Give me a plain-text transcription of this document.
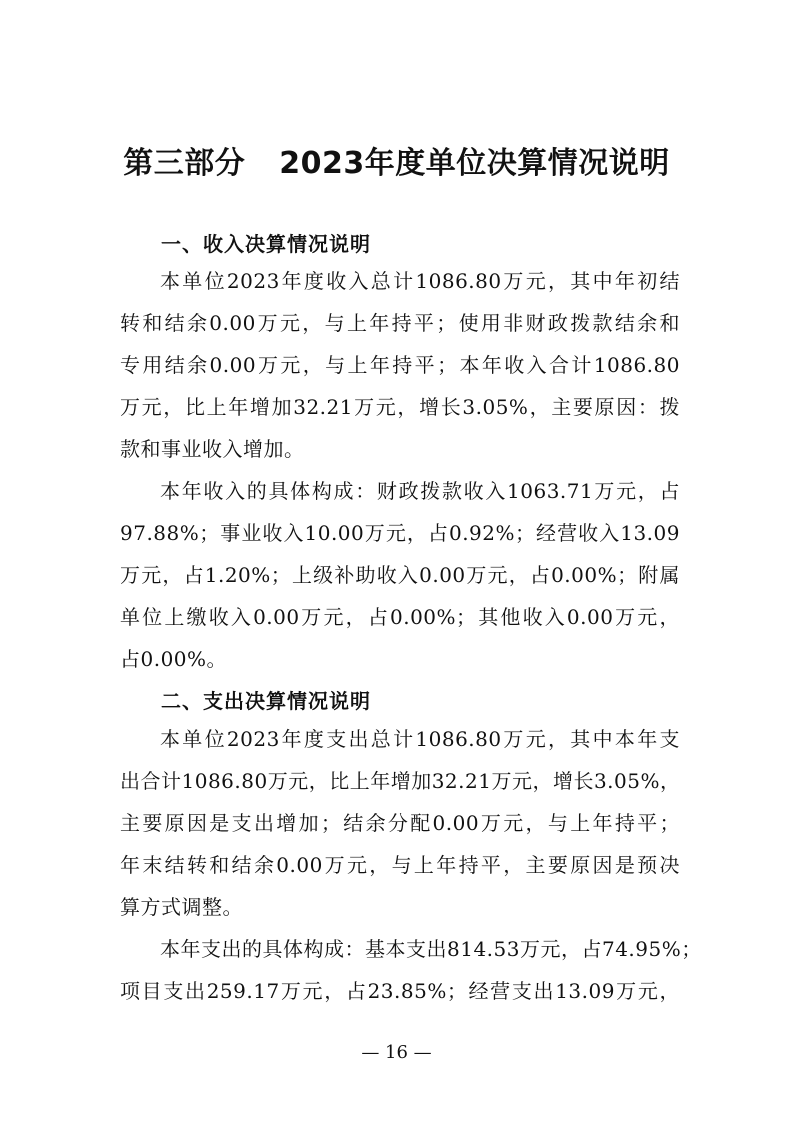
第三部分 2023年度单位决算情况说明
一、收入决算情况说明
本单位2023年度收入总计1086.80万元，其中年初结
转和结余0.00万元，与上年持平；使用非财政拨款结余和
专用结余0.00万元，与上年持平；本年收入合计1086.80
万元，比上年增加32.21万元，增长3.05%，主要原因：拨
款和事业收入增加。
本年收入的具体构成：财政拨款收入1063.71万元，占
97.88%；事业收入10.00万元，占0.92%；经营收入13.09
万元，占1.20%；上级补助收入0.00万元，占0.00%；附属
单位上缴收入0.00万元，占0.00%；其他收入0.00万元，
占0.00%。
二、支出决算情况说明
本单位2023年度支出总计1086.80万元，其中本年支
出合计1086.80万元，比上年增加32.21万元，增长3.05%，
主要原因是支出增加；结余分配0.00万元，与上年持平；
年末结转和结余0.00万元，与上年持平，主要原因是预决
算方式调整。
本年支出的具体构成：基本支出814.53万元，占74.95%；
项目支出259.17万元，占23.85%；经营支出13.09万元，
— 16 —
